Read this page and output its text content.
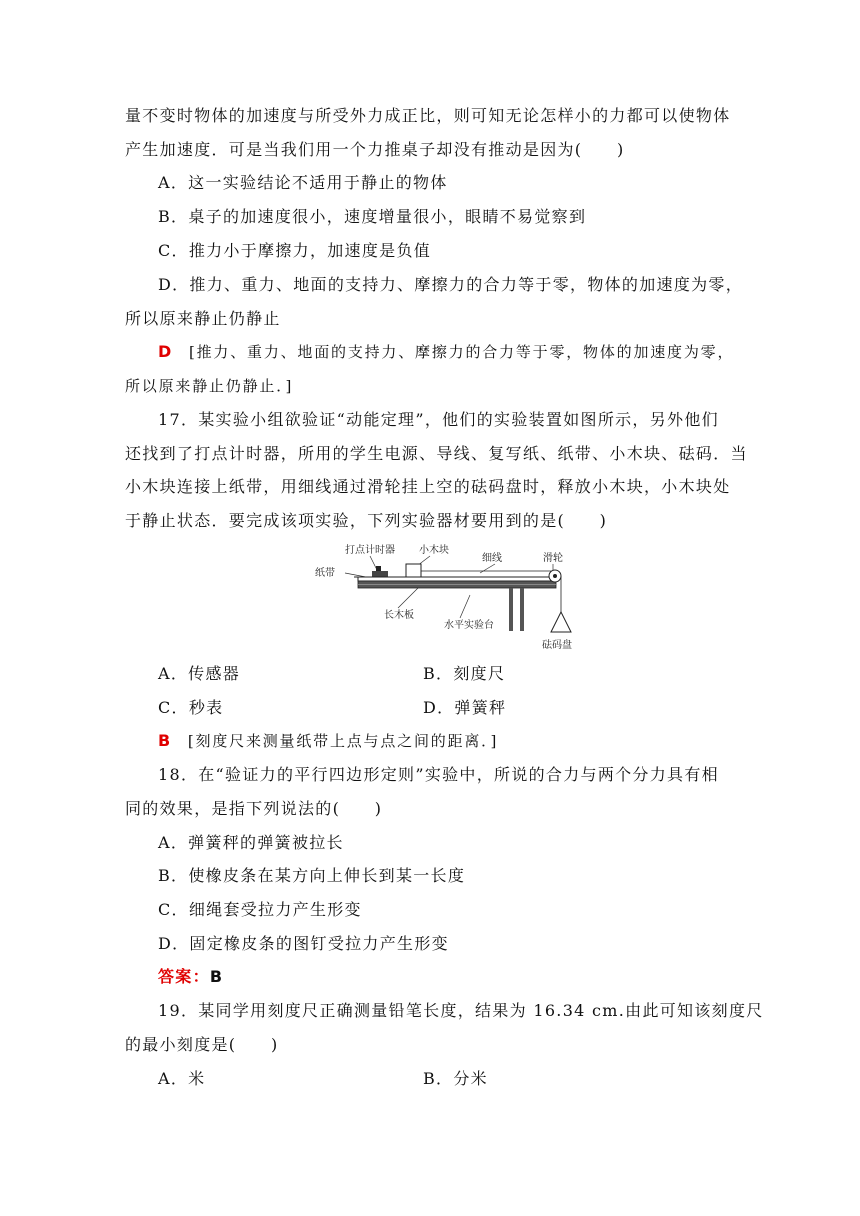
量不变时物体的加速度与所受外力成正比，则可知无论怎样小的力都可以使物体
产生加速度．可是当我们用一个力推桌子却没有推动是因为(　　)
A．这一实验结论不适用于静止的物体
B．桌子的加速度很小，速度增量很小，眼睛不易觉察到
C．推力小于摩擦力，加速度是负值
D．推力、重力、地面的支持力、摩擦力的合力等于零，物体的加速度为零，
所以原来静止仍静止
D [推力、重力、地面的支持力、摩擦力的合力等于零，物体的加速度为零，
所以原来静止仍静止．]
17．某实验小组欲验证“动能定理”，他们的实验装置如图所示，另外他们
还找到了打点计时器，所用的学生电源、导线、复写纸、纸带、小木块、砝码．当
小木块连接上纸带，用细线通过滑轮挂上空的砝码盘时，释放小木块，小木块处
于静止状态．要完成该项实验，下列实验器材要用到的是(　　)
打点计时器 小木块
细线	滑轮
纸带
长木板
水平实验台
砝码盘
A．传感器	B．刻度尺
C．秒表	D．弹簧秤
B [刻度尺来测量纸带上点与点之间的距离．]
18．在“验证力的平行四边形定则”实验中，所说的合力与两个分力具有相
同的效果，是指下列说法的(　　)
A．弹簧秤的弹簧被拉长
B．使橡皮条在某方向上伸长到某一长度
C．细绳套受拉力产生形变
D．固定橡皮条的图钉受拉力产生形变
答案：B
19．某同学用刻度尺正确测量铅笔长度，结果为 16.34 cm.由此可知该刻度尺
的最小刻度是(　　)
A．米	B．分米
